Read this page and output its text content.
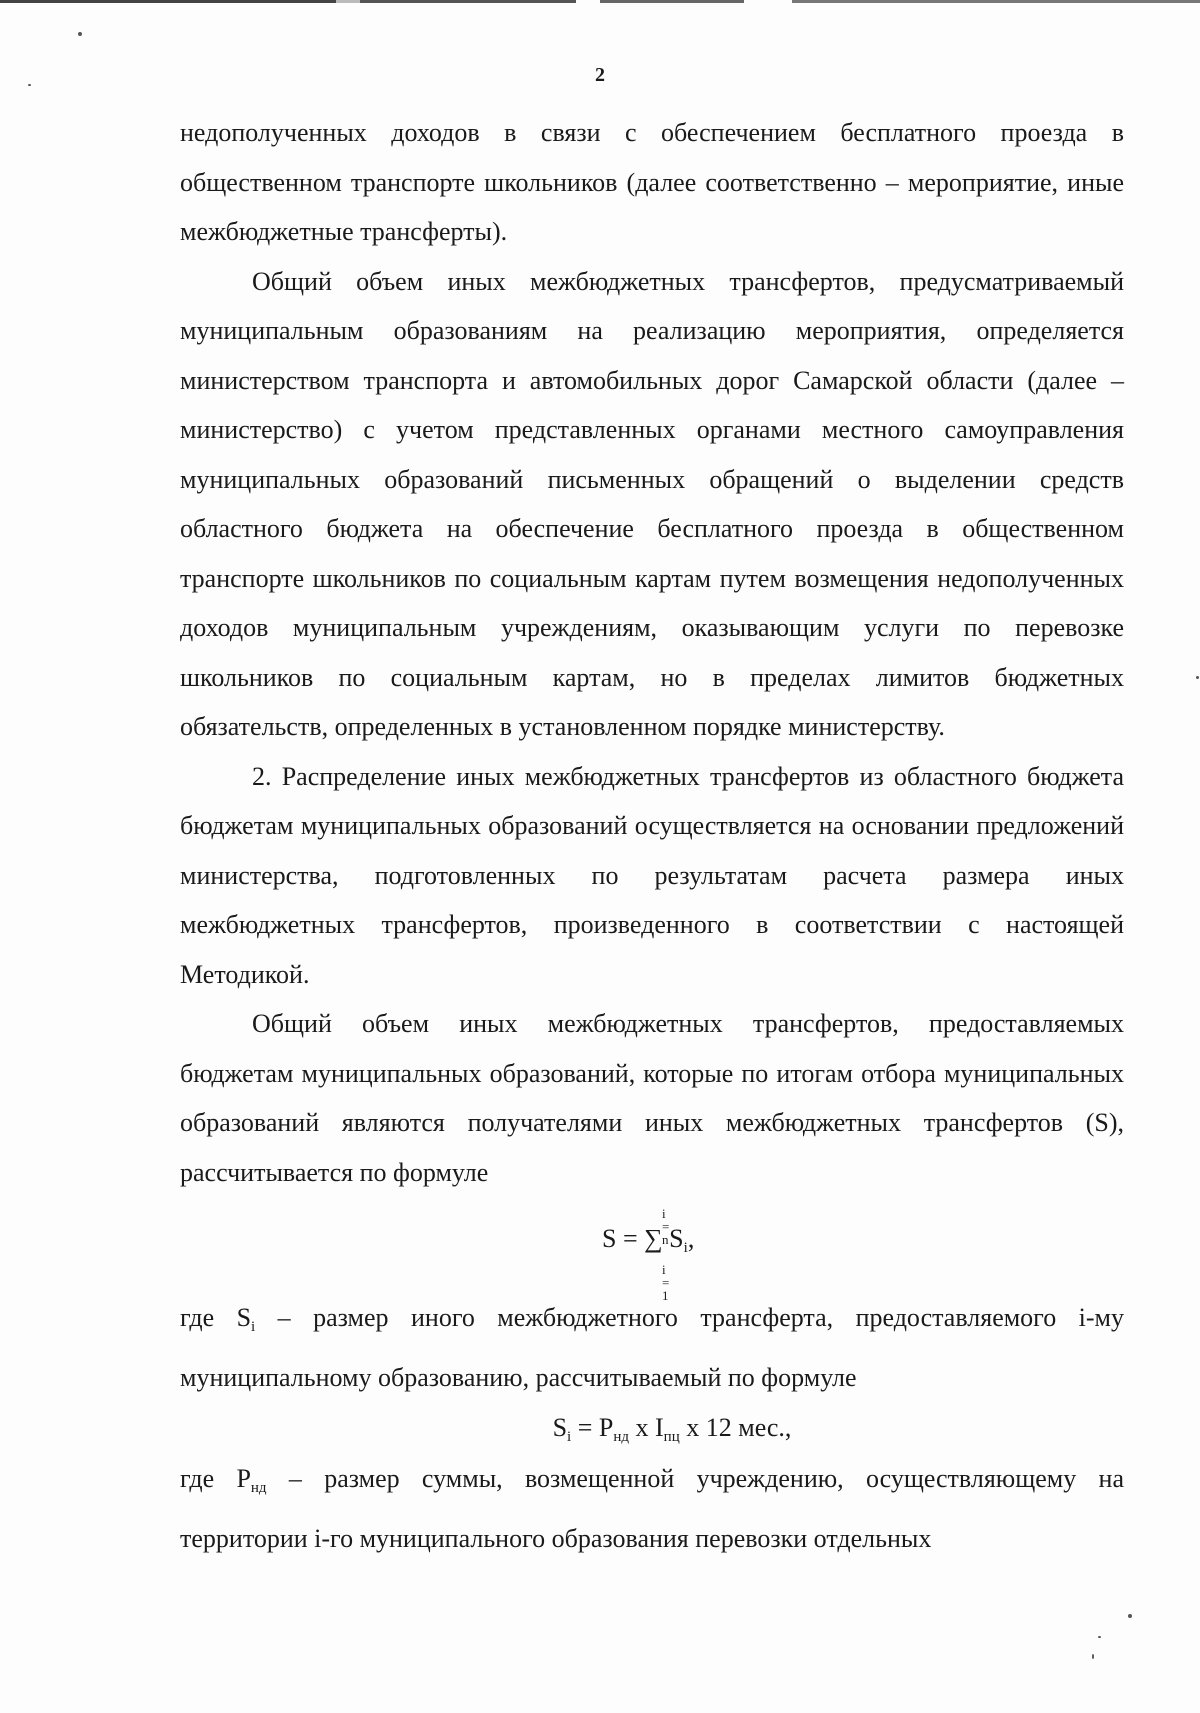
2

недополученных доходов в связи с обеспечением бесплатного проезда в общественном транспорте школьников (далее соответственно – мероприятие, иные межбюджетные трансферты).

Общий объем иных межбюджетных трансфертов, предусматриваемый муниципальным образованиям на реализацию мероприятия, определяется министерством транспорта и автомобильных дорог Самарской области (далее – министерство) с учетом представленных органами местного самоуправления муниципальных образований письменных обращений о выделении средств областного бюджета на обеспечение бесплатного проезда в общественном транспорте школьников по социальным картам путем возмещения недополученных доходов муниципальным учреждениям, оказывающим услуги по перевозке школьников по социальным картам, но в пределах лимитов бюджетных обязательств, определенных в установленном порядке министерству.

2. Распределение иных межбюджетных трансфертов из областного бюджета бюджетам муниципальных образований осуществляется на основании предложений министерства, подготовленных по результатам расчета размера иных межбюджетных трансфертов, произведенного в соответствии с настоящей Методикой.

Общий объем иных межбюджетных трансфертов, предоставляемых бюджетам муниципальных образований, которые по итогам отбора муниципальных образований являются получателями иных межбюджетных трансфертов (S), рассчитывается по формуле

i = n
S = ∑ $S_i$,
i = 1

где $S_i$ – размер иного межбюджетного трансферта, предоставляемого i-му муниципальному образованию, рассчитываемый по формуле

$S_i = P_{нд}$ x $I_{пц}$ x 12 мес.,

где $P_{нд}$ – размер суммы, возмещенной учреждению, осуществляющему на территории i-го муниципального образования перевозки отдельных
